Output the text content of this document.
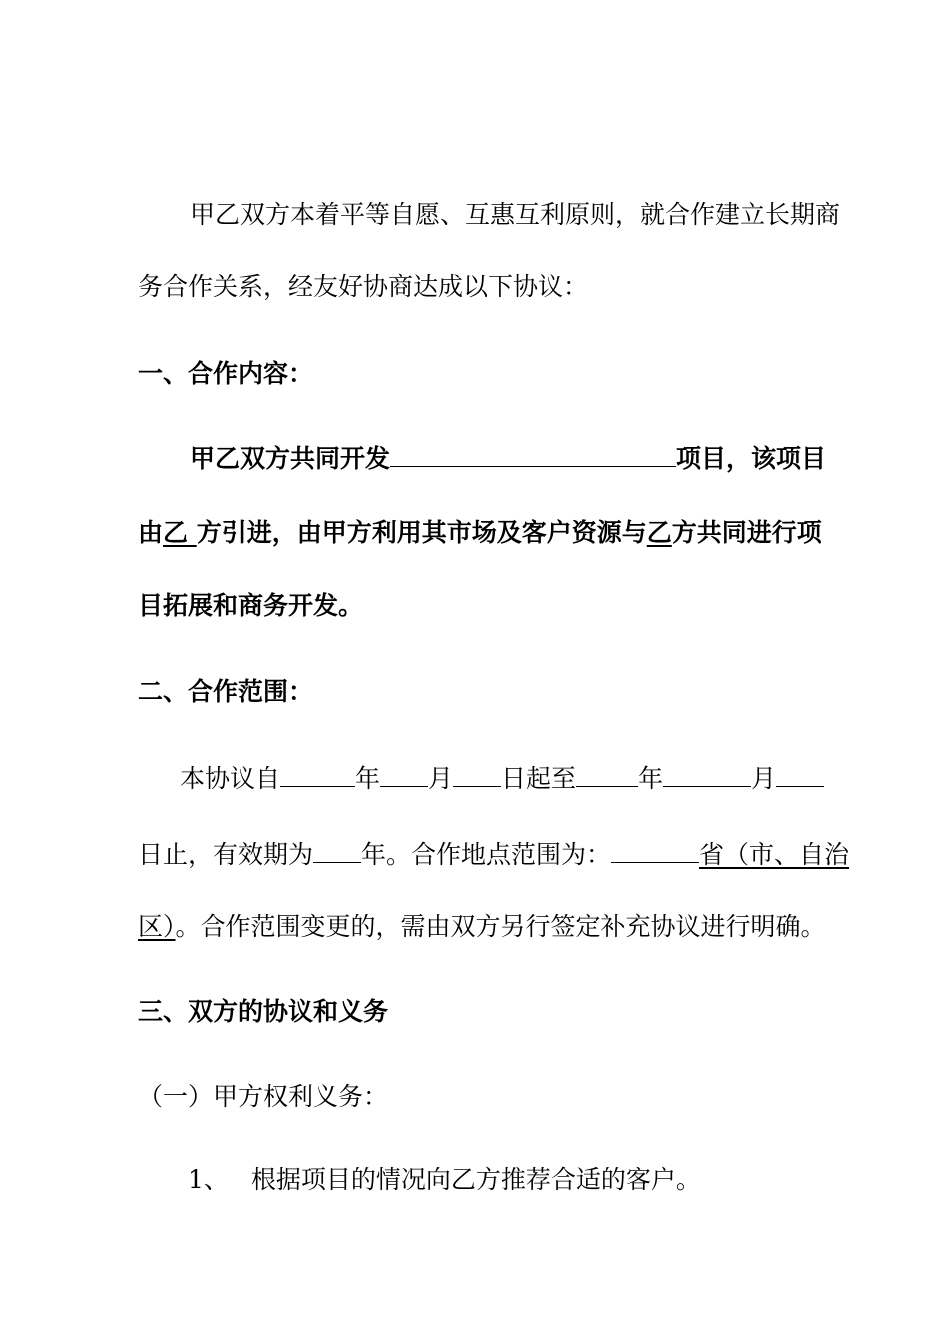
甲乙双方本着平等自愿、互惠互利原则，就合作建立长期商
务合作关系，经友好协商达成以下协议：
一、合作内容：
甲乙双方共同开发	项目，该项目
由乙 方引进，由甲方利用其市场及客户资源与乙方共同进行项
目拓展和商务开发。
二、合作范围：
本协议自	年 月 日起至 年	月
日止，有效期为 年。合作地点范围为：	省（市、自治
区）。合作范围变更的，需由双方另行签定补充协议进行明确。
三、双方的协议和义务
（一）甲方权利义务：
1、 根据项目的情况向乙方推荐合适的客户。
